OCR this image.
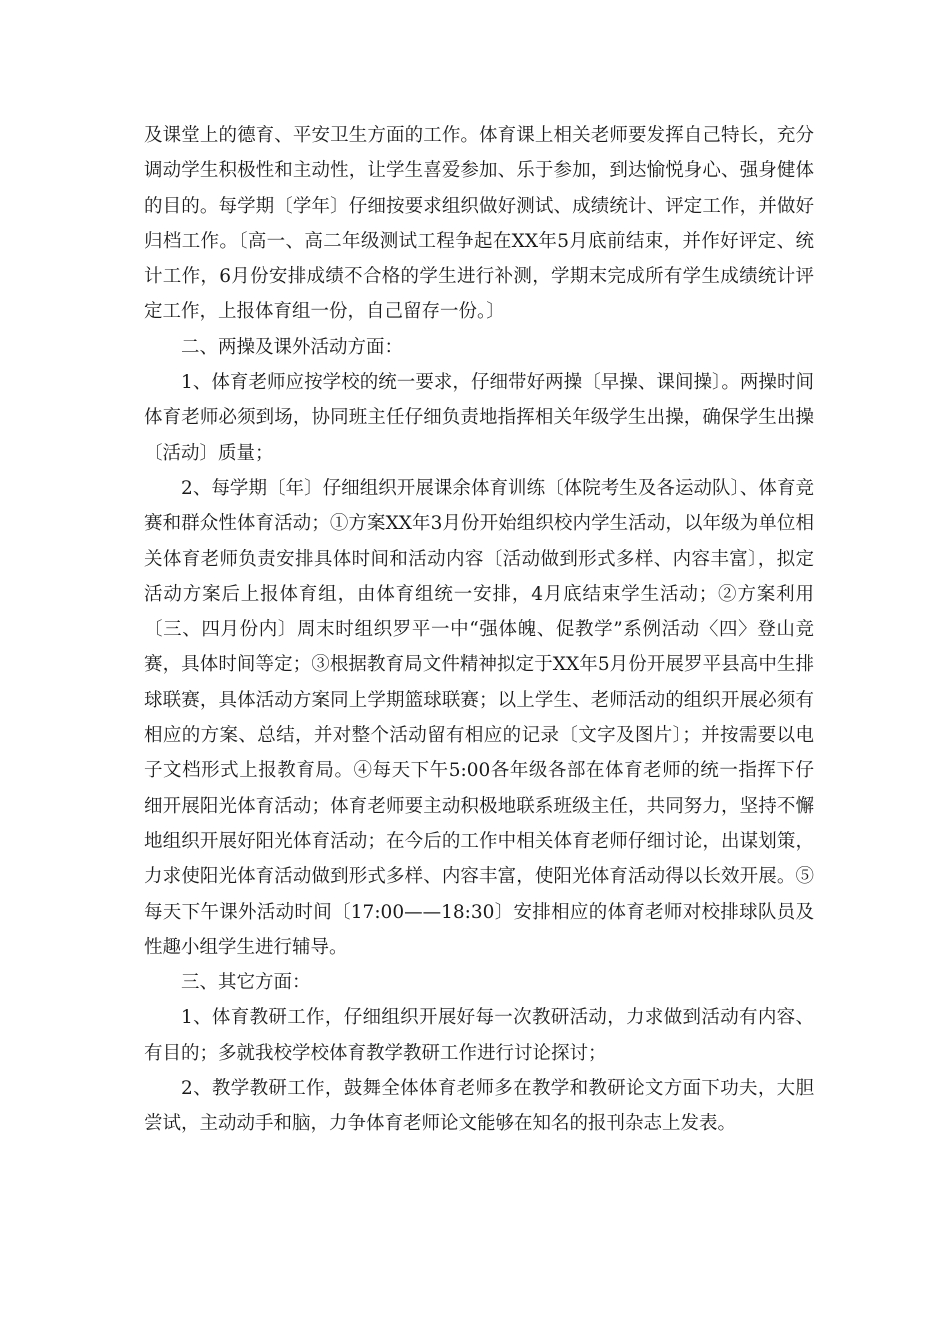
及课堂上的德育、平安卫生方面的工作。体育课上相关老师要发挥自己特长，充分调动学生积极性和主动性，让学生喜爱参加、乐于参加，到达愉悦身心、强身健体的目的。每学期〔学年〕仔细按要求组织做好测试、成绩统计、评定工作，并做好归档工作。〔高一、高二年级测试工程争起在XX年5月底前结束，并作好评定、统计工作，6月份安排成绩不合格的学生进行补测，学期末完成所有学生成绩统计评定工作，上报体育组一份，自己留存一份。〕

二、两操及课外活动方面：

1、体育老师应按学校的统一要求，仔细带好两操〔早操、课间操〕。两操时间体育老师必须到场，协同班主任仔细负责地指挥相关年级学生出操，确保学生出操〔活动〕质量；

2、每学期〔年〕仔细组织开展课余体育训练〔体院考生及各运动队〕、体育竞赛和群众性体育活动；①方案XX年3月份开始组织校内学生活动，以年级为单位相关体育老师负责安排具体时间和活动内容〔活动做到形式多样、内容丰富〕，拟定活动方案后上报体育组，由体育组统一安排，4月底结束学生活动；②方案利用〔三、四月份内〕周末时组织罗平一中“强体魄、促教学”系例活动〈四〉登山竞赛，具体时间等定；③根据教育局文件精神拟定于XX年5月份开展罗平县高中生排球联赛，具体活动方案同上学期篮球联赛；以上学生、老师活动的组织开展必须有相应的方案、总结，并对整个活动留有相应的记录〔文字及图片〕；并按需要以电子文档形式上报教育局。④每天下午5:00各年级各部在体育老师的统一指挥下仔细开展阳光体育活动；体育老师要主动积极地联系班级主任，共同努力，坚持不懈地组织开展好阳光体育活动；在今后的工作中相关体育老师仔细讨论，出谋划策，力求使阳光体育活动做到形式多样、内容丰富，使阳光体育活动得以长效开展。⑤每天下午课外活动时间〔17:00——18:30〕安排相应的体育老师对校排球队员及性趣小组学生进行辅导。

三、其它方面：

1、体育教研工作，仔细组织开展好每一次教研活动，力求做到活动有内容、有目的；多就我校学校体育教学教研工作进行讨论探讨；

2、教学教研工作，鼓舞全体体育老师多在教学和教研论文方面下功夫，大胆尝试，主动动手和脑，力争体育老师论文能够在知名的报刊杂志上发表。
